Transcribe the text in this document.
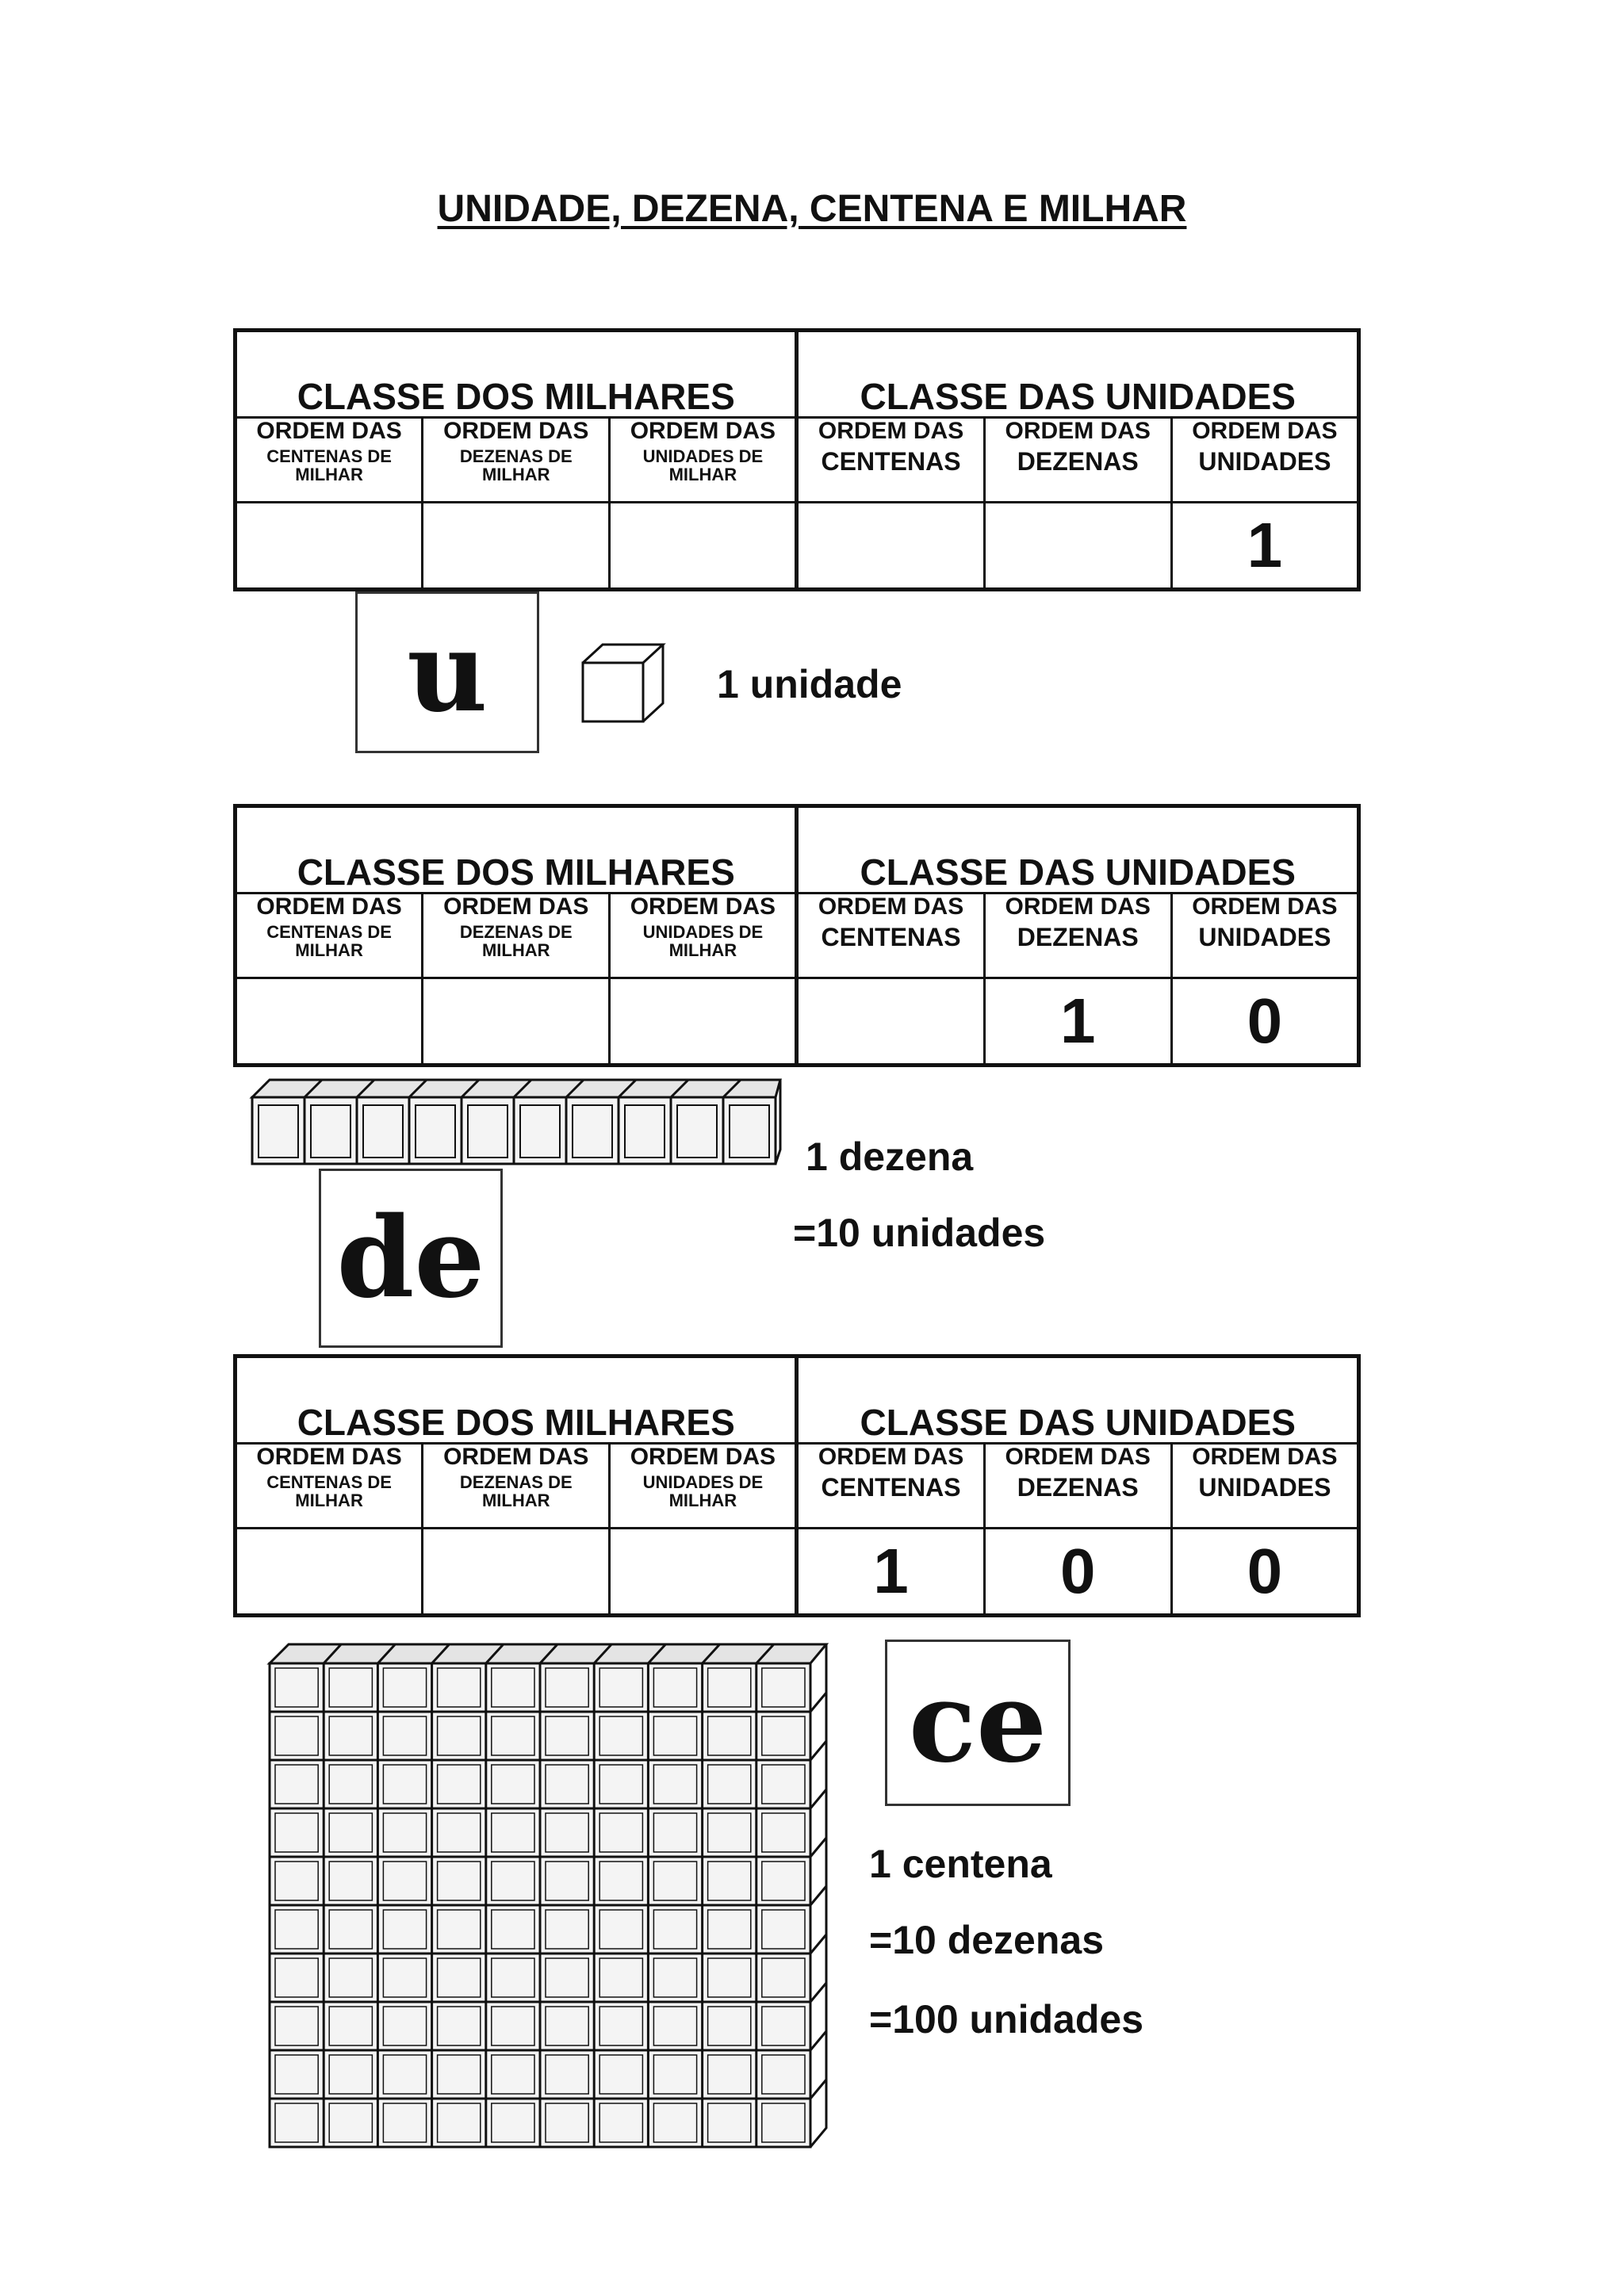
UNIDADE, DEZENA, CENTENA E MILHAR
CLASSE DOS MILHARES			CLASSE DAS UNIDADES		

ORDEM DAS
CENTENAS DE
MILHAR	ORDEM DAS
DEZENAS DE
MILHAR	ORDEM DAS
UNIDADES DE
MILHAR	ORDEM DAS
CENTENAS	ORDEM DAS
DEZENAS	ORDEM DAS
UNIDADES

					1
u	1 unidade
CLASSE DOS MILHARES			CLASSE DAS UNIDADES		

ORDEM DAS
CENTENAS DE
MILHAR	ORDEM DAS
DEZENAS DE
MILHAR	ORDEM DAS
UNIDADES DE
MILHAR	ORDEM DAS
CENTENAS	ORDEM DAS
DEZENAS	ORDEM DAS
UNIDADES

				1	0
de
1 dezena
=10 unidades
CLASSE DOS MILHARES			CLASSE DAS UNIDADES		

ORDEM DAS
CENTENAS DE
MILHAR	ORDEM DAS
DEZENAS DE
MILHAR	ORDEM DAS
UNIDADES DE
MILHAR	ORDEM DAS
CENTENAS	ORDEM DAS
DEZENAS	ORDEM DAS
UNIDADES

			1	0	0
ce
1 centena
=10 dezenas
=100 unidades
